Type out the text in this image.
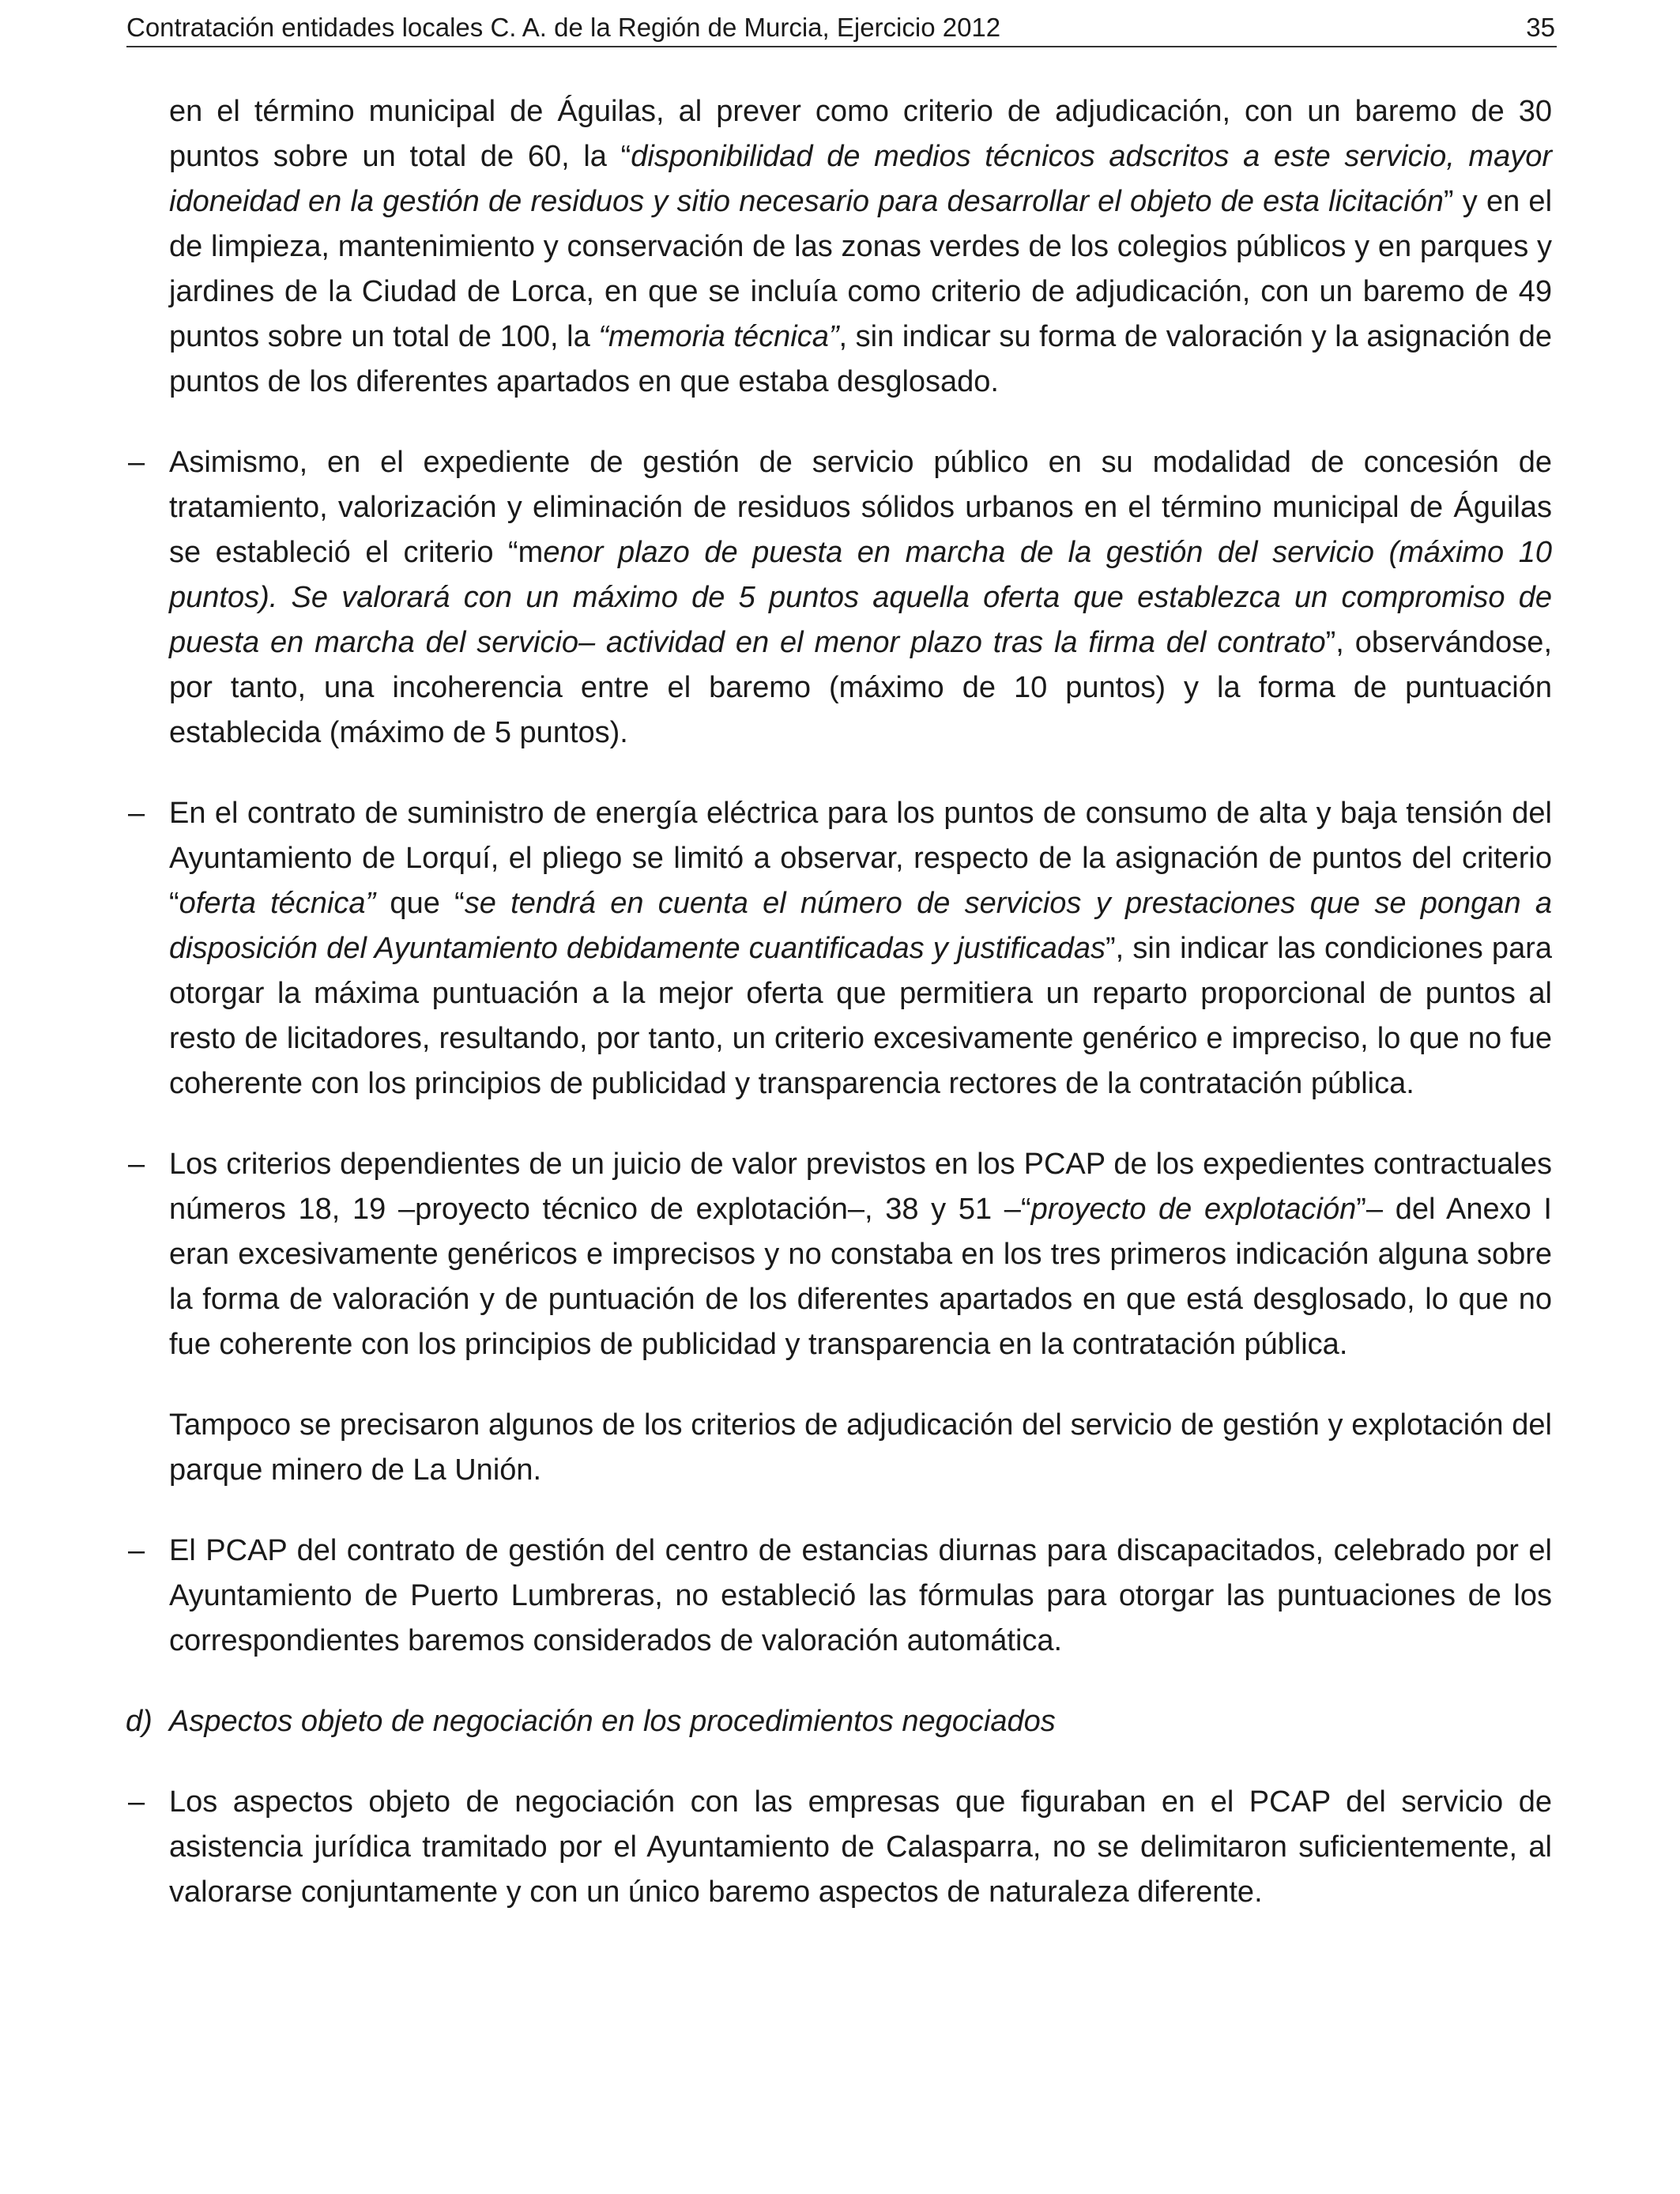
Contratación entidades locales C. A. de la Región de Murcia, Ejercicio 2012	35

en el término municipal de Águilas, al prever como criterio de adjudicación, con un baremo de 30 puntos sobre un total de 60, la “disponibilidad de medios técnicos adscritos a este servicio, mayor idoneidad en la gestión de residuos y sitio necesario para desarrollar el objeto de esta licitación” y en el de limpieza, mantenimiento y conservación de las zonas verdes de los colegios públicos y en parques y jardines de la Ciudad de Lorca, en que se incluía como criterio de adjudicación, con un baremo de 49 puntos sobre un total de 100, la “memoria técnica”, sin indicar su forma de valoración y la asignación de puntos de los diferentes apartados en que estaba desglosado.

– Asimismo, en el expediente de gestión de servicio público en su modalidad de concesión de tratamiento, valorización y eliminación de residuos sólidos urbanos en el término municipal de Águilas se estableció el criterio “menor plazo de puesta en marcha de la gestión del servicio (máximo 10 puntos). Se valorará con un máximo de 5 puntos aquella oferta que establezca un compromiso de puesta en marcha del servicio– actividad en el menor plazo tras la firma del contrato”, observándose, por tanto, una incoherencia entre el baremo (máximo de 10 puntos) y la forma de puntuación establecida (máximo de 5 puntos).

– En el contrato de suministro de energía eléctrica para los puntos de consumo de alta y baja tensión del Ayuntamiento de Lorquí, el pliego se limitó a observar, respecto de la asignación de puntos del criterio “oferta técnica” que “se tendrá en cuenta el número de servicios y prestaciones que se pongan a disposición del Ayuntamiento debidamente cuantificadas y justificadas”, sin indicar las condiciones para otorgar la máxima puntuación a la mejor oferta que permitiera un reparto proporcional de puntos al resto de licitadores, resultando, por tanto, un criterio excesivamente genérico e impreciso, lo que no fue coherente con los principios de publicidad y transparencia rectores de la contratación pública.

– Los criterios dependientes de un juicio de valor previstos en los PCAP de los expedientes contractuales números 18, 19 –proyecto técnico de explotación–, 38 y 51 –“proyecto de explotación”– del Anexo I eran excesivamente genéricos e imprecisos y no constaba en los tres primeros indicación alguna sobre la forma de valoración y de puntuación de los diferentes apartados en que está desglosado, lo que no fue coherente con los principios de publicidad y transparencia en la contratación pública.

Tampoco se precisaron algunos de los criterios de adjudicación del servicio de gestión y explotación del parque minero de La Unión.

– El PCAP del contrato de gestión del centro de estancias diurnas para discapacitados, celebrado por el Ayuntamiento de Puerto Lumbreras, no estableció las fórmulas para otorgar las puntuaciones de los correspondientes baremos considerados de valoración automática.

d) Aspectos objeto de negociación en los procedimientos negociados

– Los aspectos objeto de negociación con las empresas que figuraban en el PCAP del servicio de asistencia jurídica tramitado por el Ayuntamiento de Calasparra, no se delimitaron suficientemente, al valorarse conjuntamente y con un único baremo aspectos de naturaleza diferente.
